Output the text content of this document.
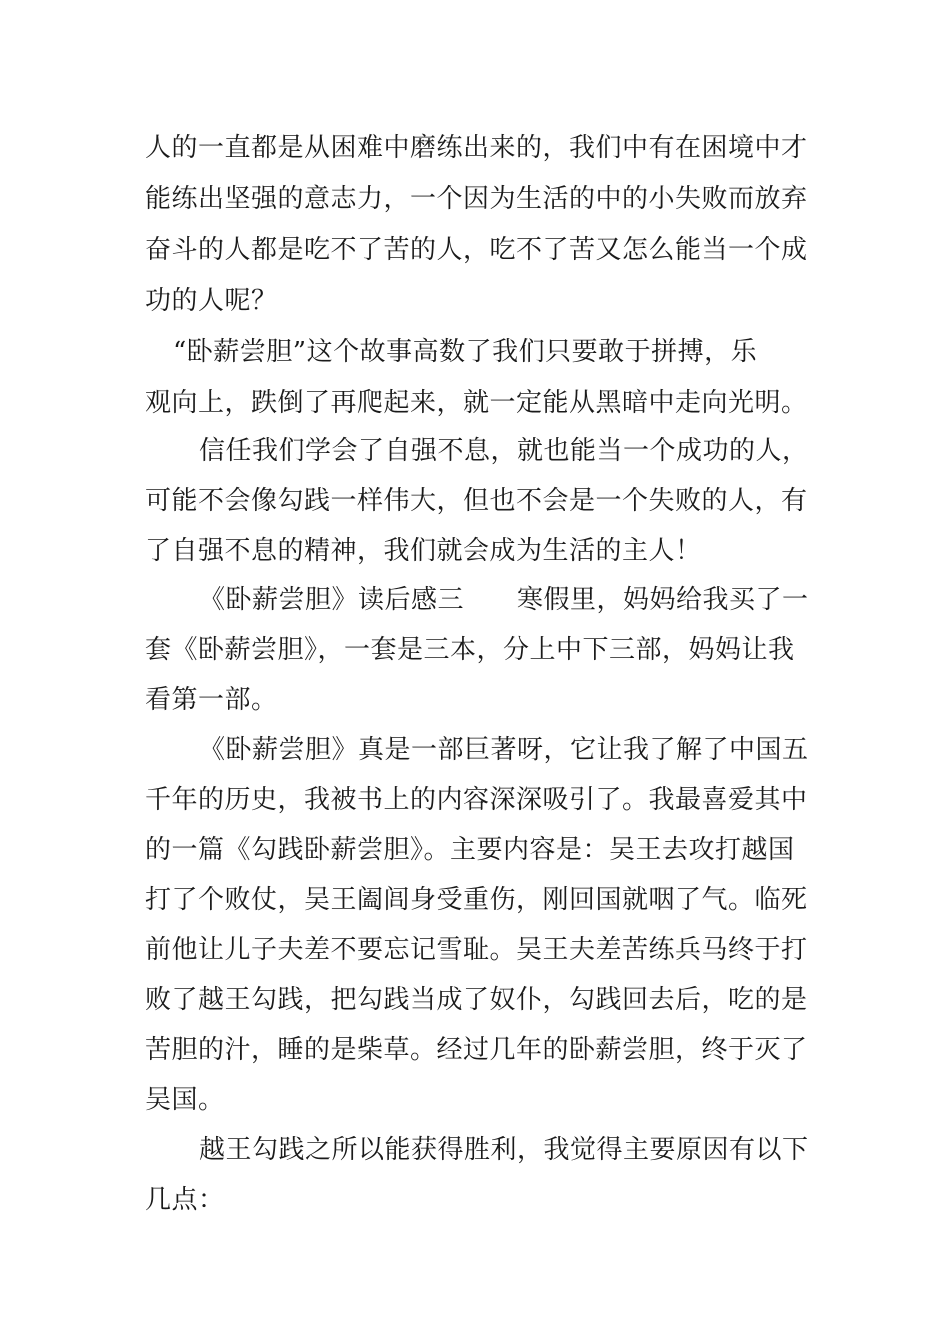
人的一直都是从困难中磨练出来的，我们中有在困境中才

能练出坚强的意志力，一个因为生活的中的小失败而放弃

奋斗的人都是吃不了苦的人，吃不了苦又怎么能当一个成

功的人呢？

“卧薪尝胆”这个故事高数了我们只要敢于拼搏，乐

观向上，跌倒了再爬起来，就一定能从黑暗中走向光明。

信任我们学会了自强不息，就也能当一个成功的人，

可能不会像勾践一样伟大，但也不会是一个失败的人，有

了自强不息的精神，我们就会成为生活的主人！

《卧薪尝胆》读后感三　　寒假里，妈妈给我买了一

套《卧薪尝胆》，一套是三本，分上中下三部，妈妈让我

看第一部。

《卧薪尝胆》真是一部巨著呀，它让我了解了中国五

千年的历史，我被书上的内容深深吸引了。我最喜爱其中

的一篇《勾践卧薪尝胆》。主要内容是：吴王去攻打越国

打了个败仗，吴王阖闾身受重伤，刚回国就咽了气。临死

前他让儿子夫差不要忘记雪耻。吴王夫差苦练兵马终于打

败了越王勾践，把勾践当成了奴仆，勾践回去后，吃的是

苦胆的汁，睡的是柴草。经过几年的卧薪尝胆，终于灭了

吴国。

越王勾践之所以能获得胜利，我觉得主要原因有以下

几点：
